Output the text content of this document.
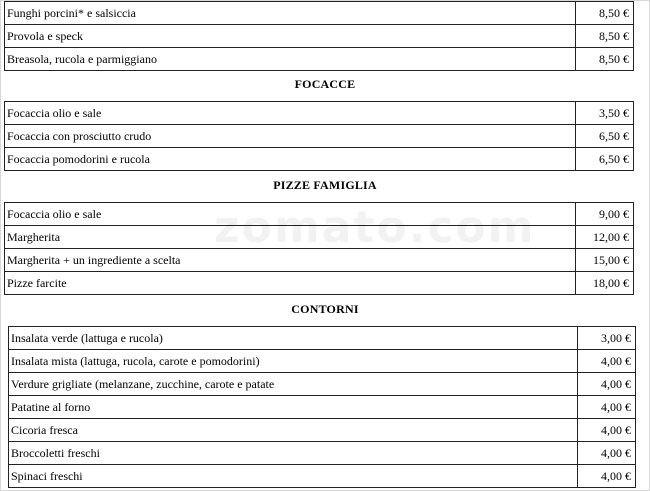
Funghi porcini* e salsiccia	8,50 €
Provola e speck	8,50 €
Breasola, rucola e parmiggiano	8,50 €
FOCACCE
Focaccia olio e sale	3,50 €
Focaccia con prosciutto crudo	6,50 €
Focaccia pomodorini e rucola	6,50 €
PIZZE FAMIGLIA
Focaccia olio e sale	9,00 €
Margherita	12,00 €
Margherita + un ingrediente a scelta	15,00 €
Pizze farcite	18,00 €
CONTORNI
Insalata verde (lattuga e rucola)	3,00 €
Insalata mista (lattuga, rucola, carote e pomodorini)	4,00 €
Verdure grigliate (melanzane, zucchine, carote e patate	4,00 €
Patatine al forno	4,00 €
Cicoria fresca	4,00 €
Broccoletti freschi	4,00 €
Spinaci freschi	4,00 €
zomato.com
